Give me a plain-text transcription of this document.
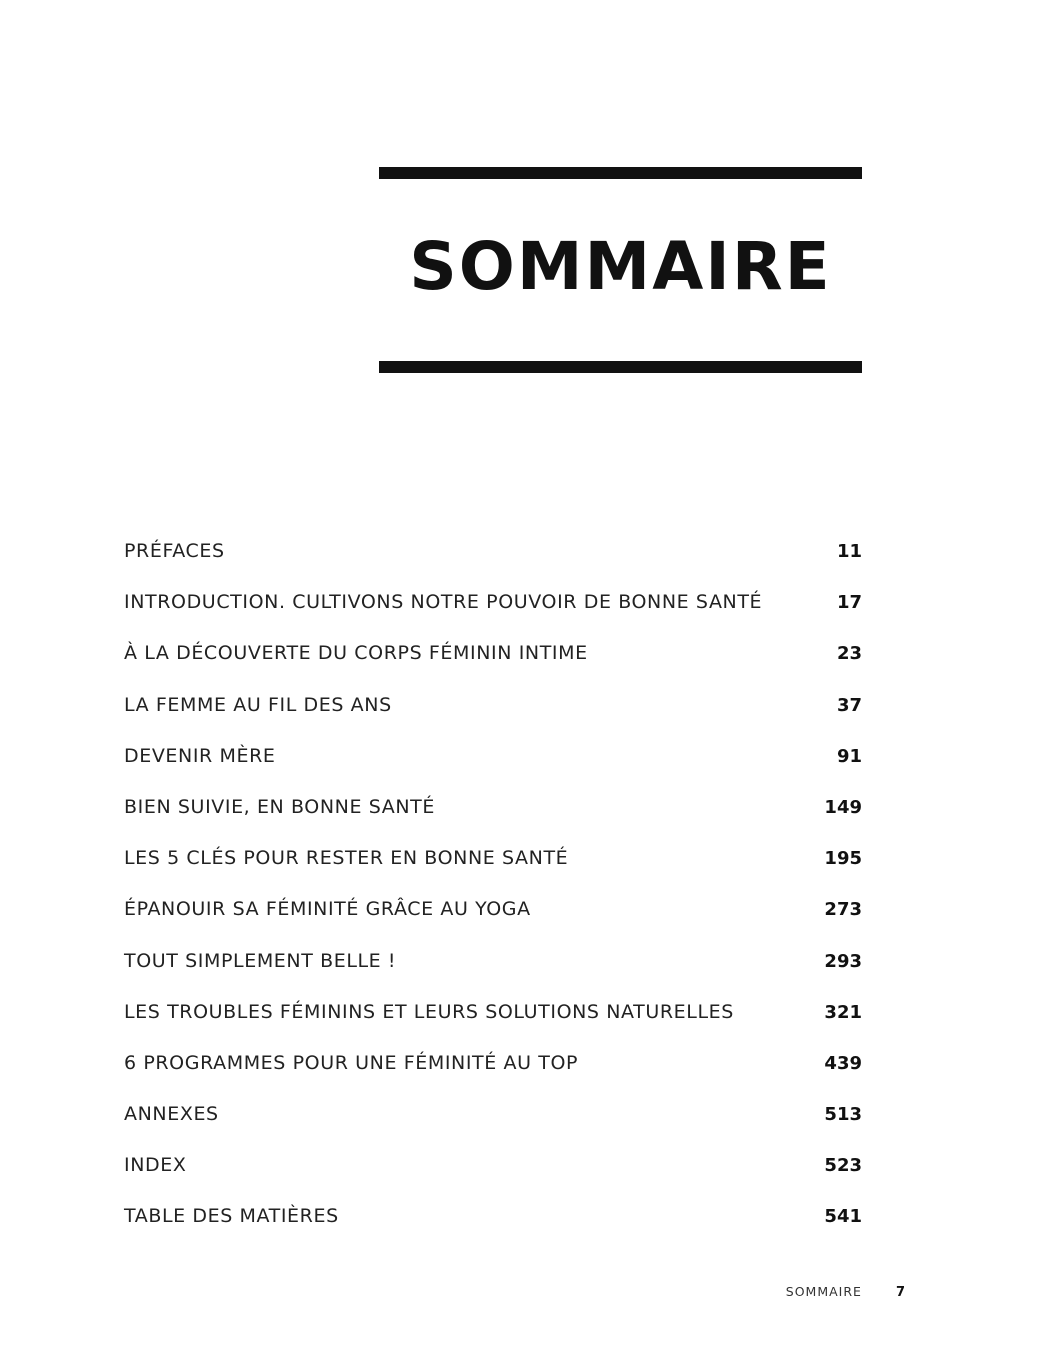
SOMMAIRE
PRÉFACES	11
INTRODUCTION. CULTIVONS NOTRE POUVOIR DE BONNE SANTÉ	17
À LA DÉCOUVERTE DU CORPS FÉMININ INTIME	23
LA FEMME AU FIL DES ANS	37
DEVENIR MÈRE	91
BIEN SUIVIE, EN BONNE SANTÉ	149
LES 5 CLÉS POUR RESTER EN BONNE SANTÉ	195
ÉPANOUIR SA FÉMINITÉ GRÂCE AU YOGA	273
TOUT SIMPLEMENT BELLE !	293
LES TROUBLES FÉMININS ET LEURS SOLUTIONS NATURELLES	321
6 PROGRAMMES POUR UNE FÉMINITÉ AU TOP	439
ANNEXES	513
INDEX	523
TABLE DES MATIÈRES	541
SOMMAIRE	7
